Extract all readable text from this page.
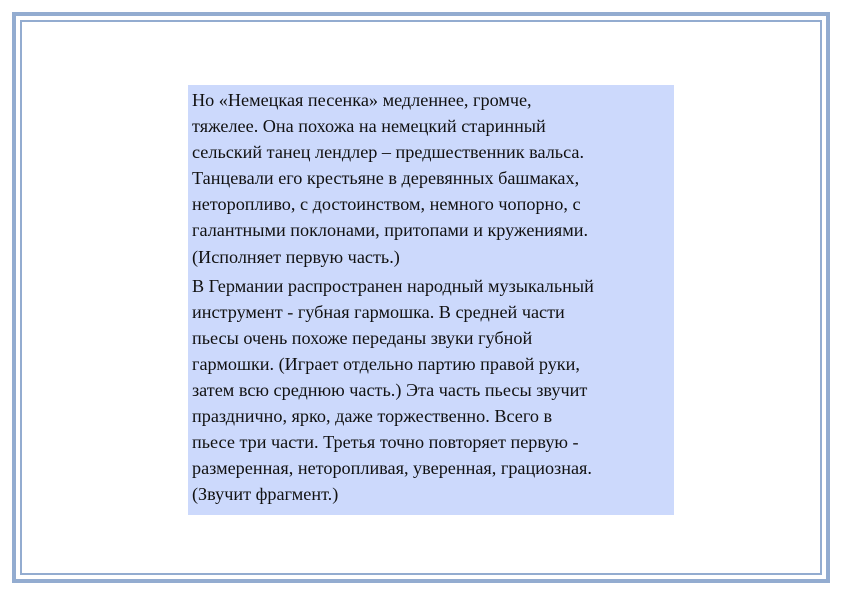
Но «Немецкая песенка» медленнее, громче,
тяжелее. Она похожа на немецкий старинный
сельский танец лендлер – предшественник вальса.
Танцевали его крестьяне в деревянных башмаках,
неторопливо, с достоинством, немного чопорно, с
галантными поклонами, притопами и кружениями.
(Исполняет первую часть.)
В Германии распространен народный музыкальный
инструмент - губная гармошка. В средней части
пьесы очень похоже переданы звуки губной
гармошки. (Играет отдельно партию правой руки,
затем всю среднюю часть.) Эта часть пьесы звучит
празднично, ярко, даже торжественно. Всего в
пьесе три части. Третья точно повторяет первую -
размеренная, неторопливая, уверенная, грациозная.
(Звучит фрагмент.)
